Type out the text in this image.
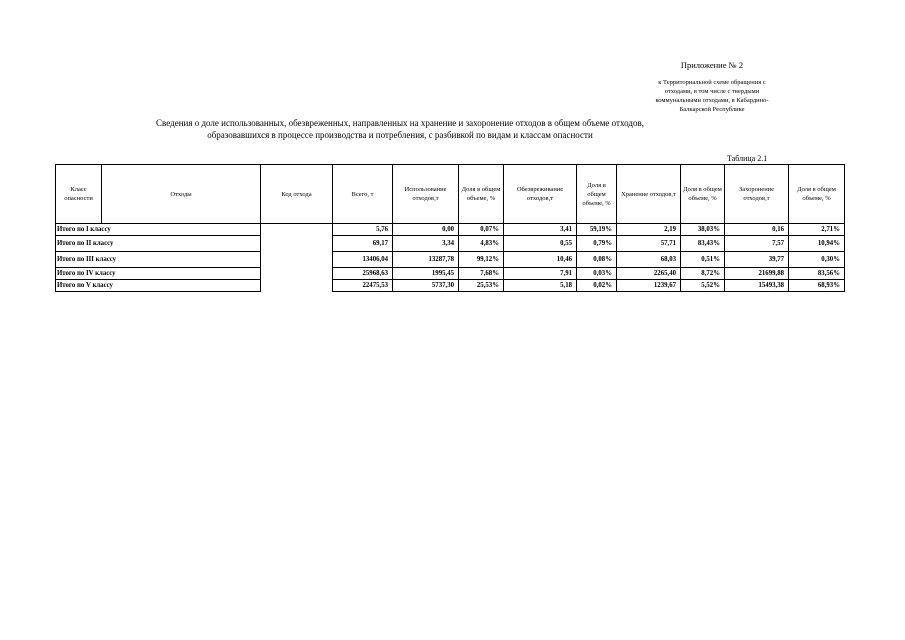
Приложение № 2

к Территориальной схеме обращения с

отходами, в том числе с твердыми

коммунальными отходами, в Кабардино-

Балкарской Республике

Сведения о доле использованных, обезвреженных, направленных на хранение и захоронение отходов в общем объеме отходов,

образовавшихся в процессе производства и потребления, с разбивкой по видам и классам опасности

Таблица 2.1
Класс опасности	Отходы	Код отхода	Всего, т	Использование отходов,т	Доля в общем объеме, %	Обезвреживание отходов,т	Доля в общем объеме, %	Хранение отходов,т	Доля в общем объеме, %	Захоронение отходов,т	Доля в общем объеме, %
Итого по I классу			5,76	0,00	0,07%	3,41	59,19%	2,19	38,03%	0,16	2,71%
Итого по II классу			69,17	3,34	4,83%	0,55	0,79%	57,71	83,43%	7,57	10,94%
Итого по III классу			13406,04	13287,78	99,12%	10,46	0,08%	68,03	0,51%	39,77	0,30%
Итого по IV классу			25968,63	1995,45	7,68%	7,91	0,03%	2265,40	8,72%	21699,88	83,56%
Итого по V классу			22475,53	5737,30	25,53%	5,18	0,02%	1239,67	5,52%	15493,38	68,93%
